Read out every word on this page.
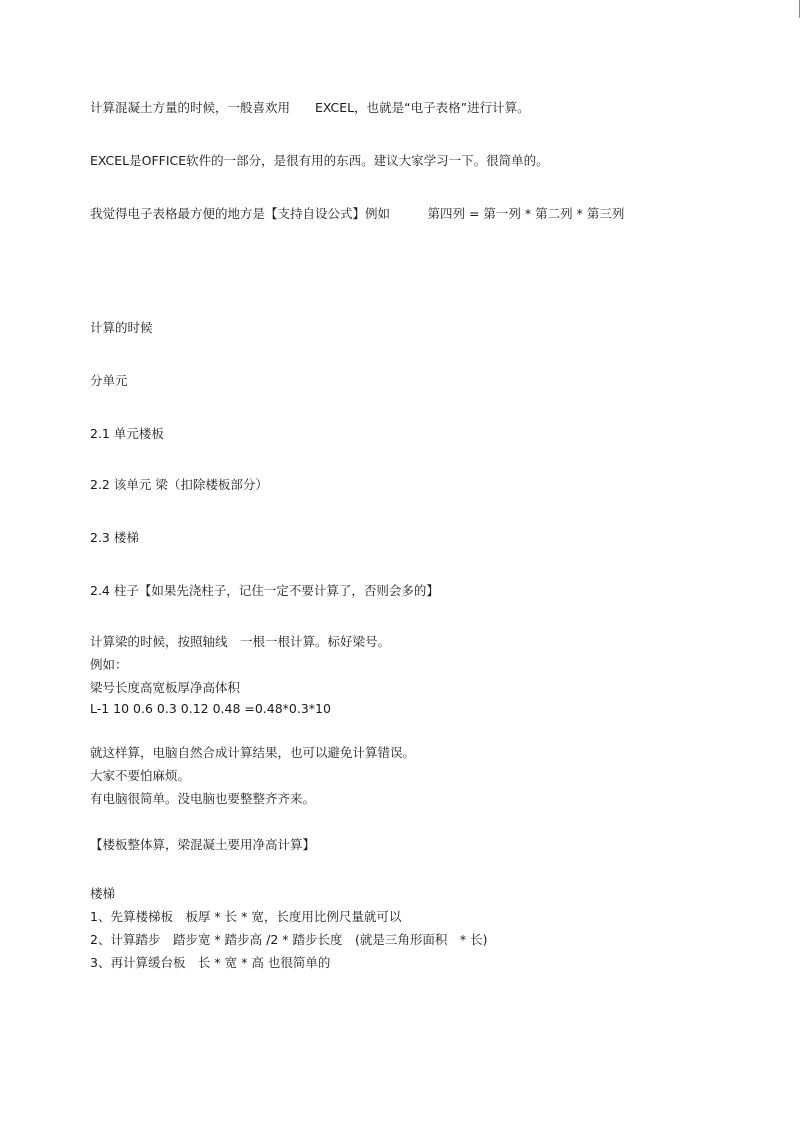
计算混凝土方量的时候，一般喜欢用　　EXCEL，也就是“电子表格”进行计算。

EXCEL是OFFICE软件的一部分，是很有用的东西。建议大家学习一下。很简单的。

我觉得电子表格最方便的地方是【支持自设公式】例如　　　第四列 = 第一列 * 第二列 * 第三列

计算的时候

分单元

2.1 单元楼板

2.2 该单元 梁（扣除楼板部分）

2.3 楼梯

2.4 柱子【如果先浇柱子，记住一定不要计算了，否则会多的】

计算梁的时候，按照轴线　一根一根计算。标好梁号。

例如：

梁号长度高宽板厚净高体积

L-1 10 0.6 0.3 0.12 0.48 =0.48*0.3*10

就这样算，电脑自然合成计算结果，也可以避免计算错误。

大家不要怕麻烦。

有电脑很简单。没电脑也要整整齐齐来。

【楼板整体算，梁混凝土要用净高计算】

楼梯

1、先算楼梯板　板厚 * 长 * 宽，长度用比例尺量就可以

2、计算踏步　踏步宽 * 踏步高 /2 * 踏步长度　(就是三角形面积　* 长)

3、再计算缓台板　长 * 宽 * 高 也很简单的
